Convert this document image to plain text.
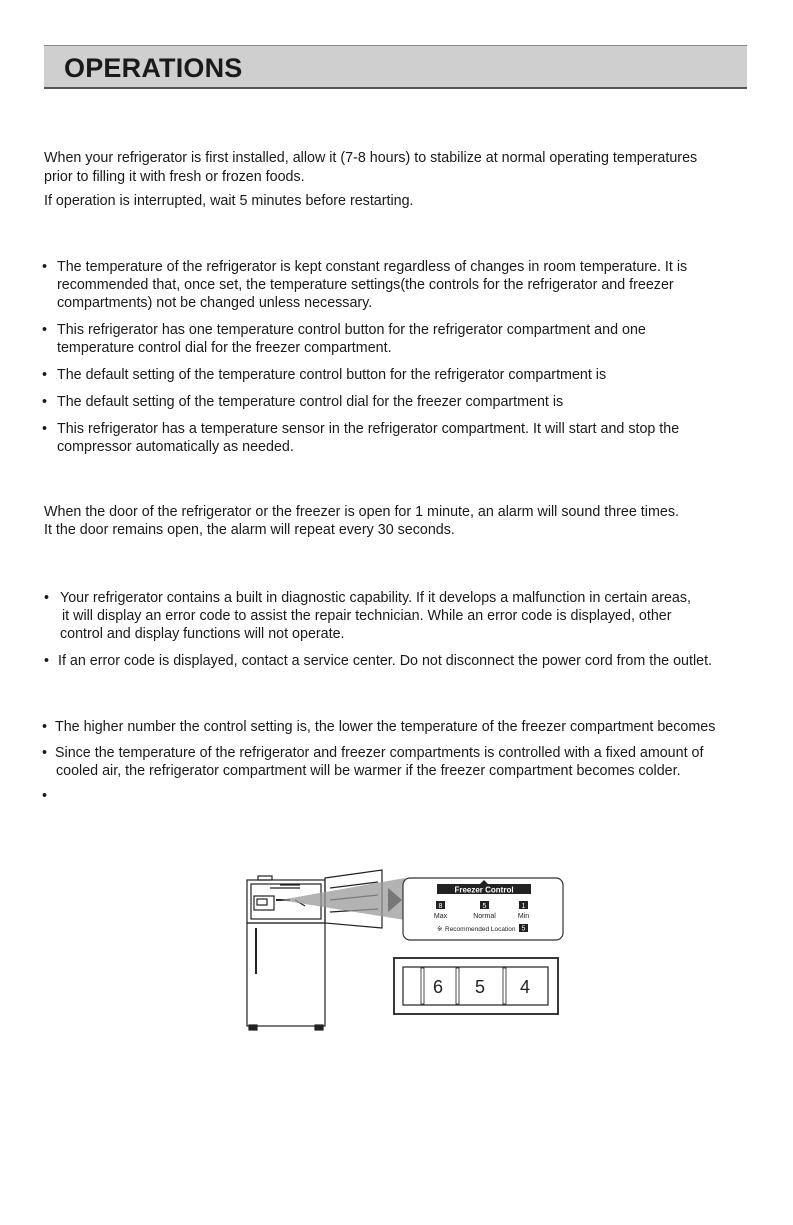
OPERATIONS

When your refrigerator is first installed, allow it (7-8 hours) to stabilize at normal operating temperatures

prior to filling it with fresh or frozen foods.

If operation is interrupted, wait 5 minutes before restarting.

• The temperature of the refrigerator is kept constant regardless of changes in room temperature. It is
recommended that, once set, the temperature settings(the controls for the refrigerator and freezer
compartments) not be changed unless necessary.
• This refrigerator has one temperature control button for the refrigerator compartment and one
temperature control dial for the freezer compartment.
• The default setting of the temperature control button for the refrigerator compartment is
• The default setting of the temperature control dial for the freezer compartment is
• This refrigerator has a temperature sensor in the refrigerator compartment. It will start and stop the
compressor automatically as needed.

When the door of the refrigerator or the freezer is open for 1 minute, an alarm will sound three times.

It the door remains open, the alarm will repeat every 30 seconds.

• Your refrigerator contains a built in diagnostic capability. If it develops a malfunction in certain areas,
it will display an error code to assist the repair technician. While an error code is displayed, other
control and display functions will not operate.
• If an error code is displayed, contact a service center. Do not disconnect the power cord from the outlet.
• The higher number the control setting is, the lower the temperature of the freezer compartment becomes
• Since the temperature of the refrigerator and freezer compartments is controlled with a fixed amount of
cooled air, the refrigerator compartment will be warmer if the freezer compartment becomes colder.
•
Freezer Control
8
Max
5
Normal
1
Min
※ Recommended Location 5
6 5 4
